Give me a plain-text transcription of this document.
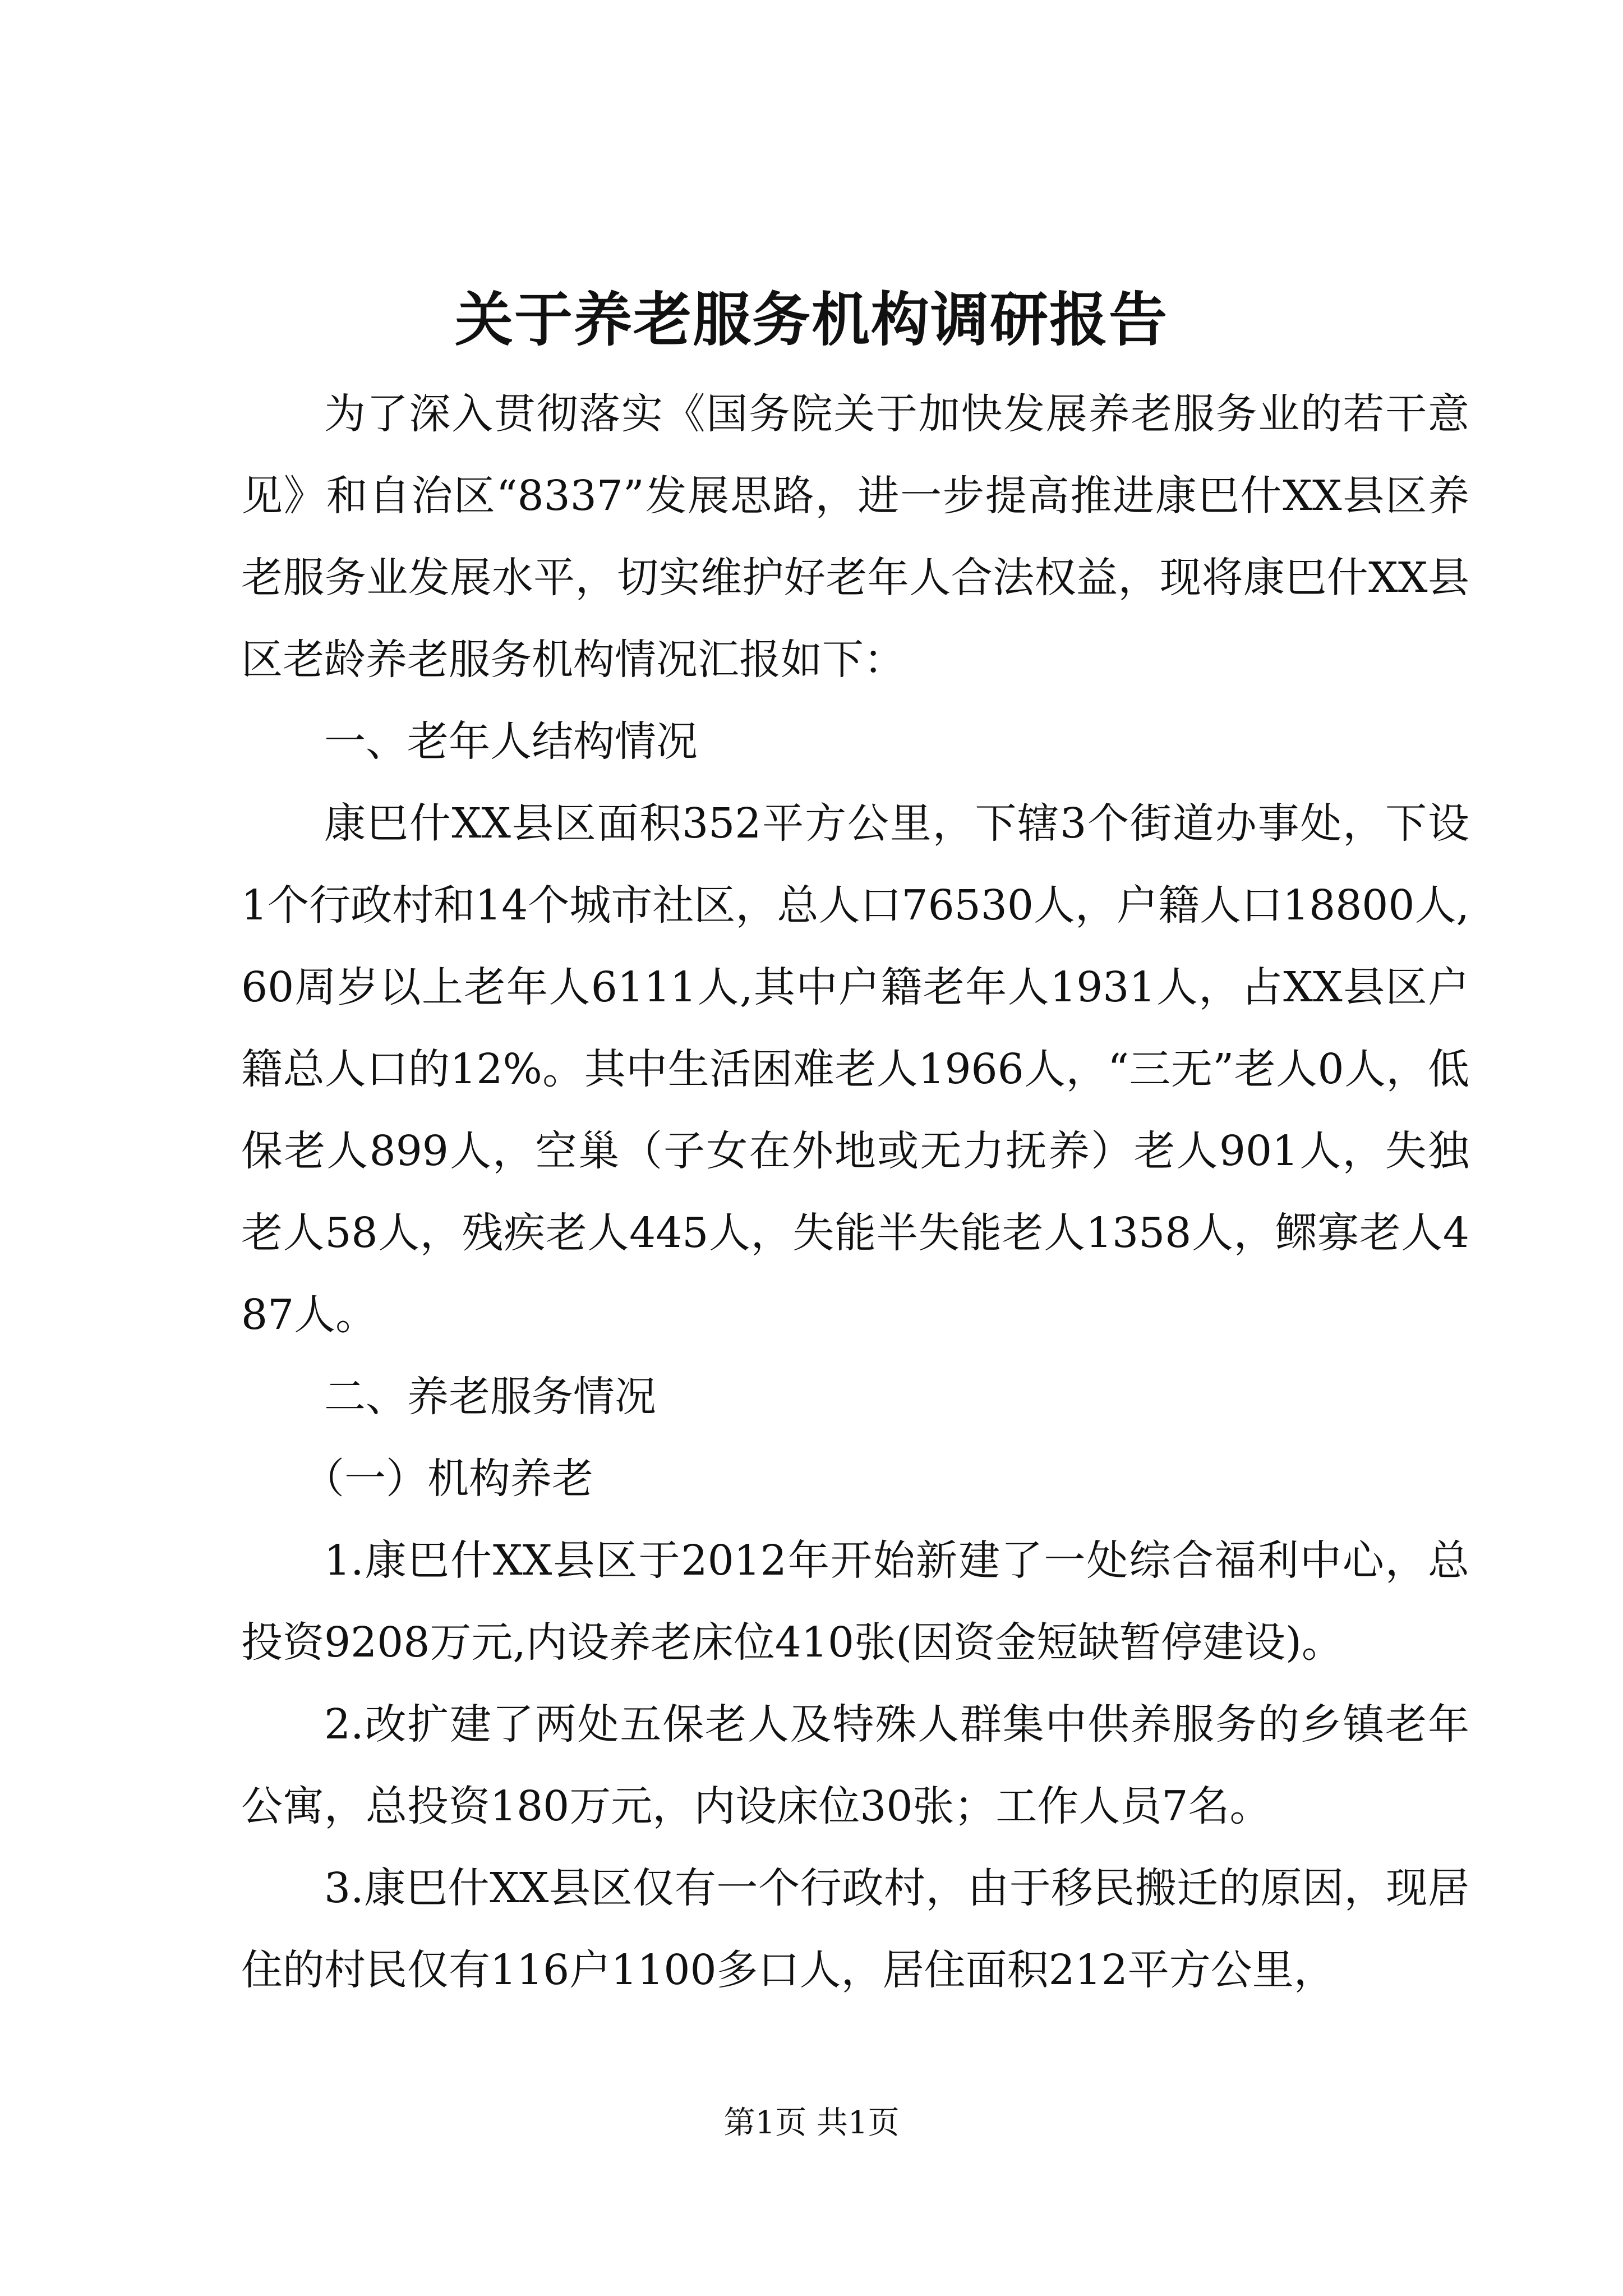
关于养老服务机构调研报告

为了深入贯彻落实《国务院关于加快发展养老服务业的若干意见》和自治区“8337”发展思路，进一步提高推进康巴什XX县区养老服务业发展水平，切实维护好老年人合法权益，现将康巴什XX县区老龄养老服务机构情况汇报如下：

一、老年人结构情况

康巴什XX县区面积352平方公里，下辖3个街道办事处，下设1个行政村和14个城市社区，总人口76530人，户籍人口18800人,60周岁以上老年人6111人,其中户籍老年人1931人，占XX县区户籍总人口的12%。其中生活困难老人1966人，“三无”老人0人，低保老人899人，空巢（子女在外地或无力抚养）老人901人，失独老人58人，残疾老人445人，失能半失能老人1358人，鳏寡老人487人。

二、养老服务情况

（一）机构养老

1.康巴什XX县区于2012年开始新建了一处综合福利中心，总投资9208万元,内设养老床位410张(因资金短缺暂停建设)。

2.改扩建了两处五保老人及特殊人群集中供养服务的乡镇老年公寓，总投资180万元，内设床位30张；工作人员7名。

3.康巴什XX县区仅有一个行政村，由于移民搬迁的原因，现居住的村民仅有116户1100多口人，居住面积212平方公里，

第1页 共1页
